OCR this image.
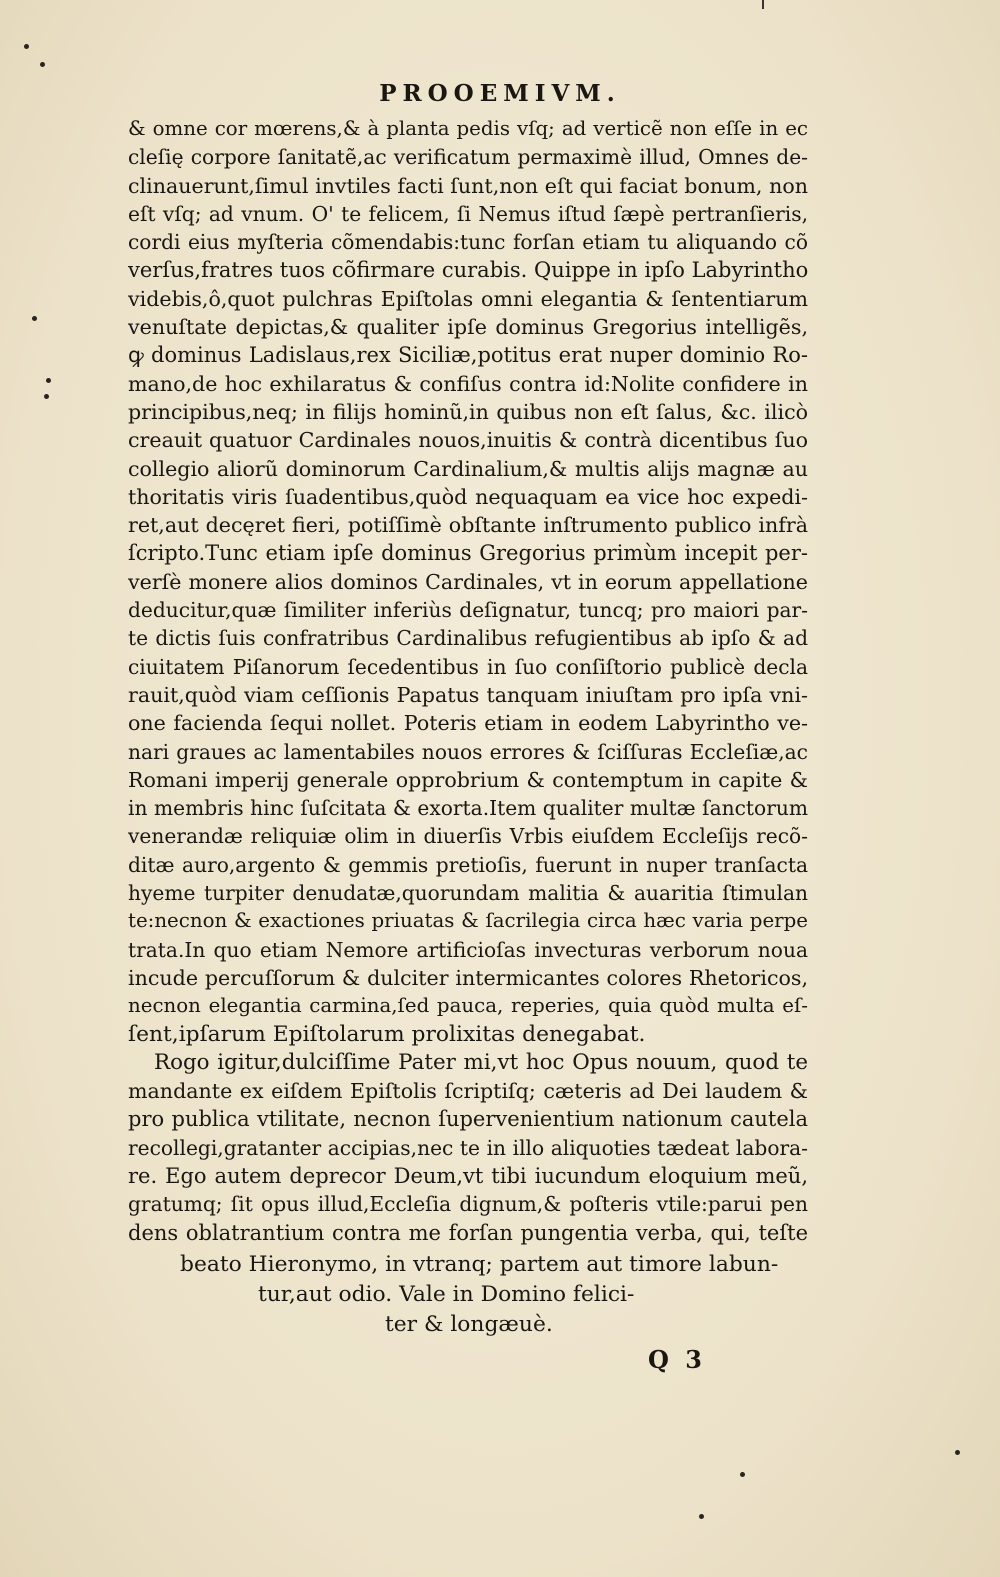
PROOEMIVM.
& omne cor mœrens,& à planta pedis vſq; ad verticẽ non eſſe in ec
cleſię corpore ſanitatẽ,ac verificatum permaximè illud, Omnes de-
clinauerunt,ſimul invtiles facti ſunt,non eſt qui faciat bonum, non
eſt vſq; ad vnum. O' te felicem, ſi Nemus iſtud ſæpè pertranſieris,
cordi eius myſteria cõmendabis:tunc forſan etiam tu aliquando cõ
verſus,fratres tuos cõfirmare curabis. Quippe in ipſo Labyrintho
videbis,ô,quot pulchras Epiſtolas omni elegantia & ſententiarum
venuſtate depictas,& qualiter ipſe dominus Gregorius intelligẽs,
ꝙ dominus Ladislaus,rex Siciliæ,potitus erat nuper dominio Ro-
mano,de hoc exhilaratus & confiſus contra id:Nolite confidere in
principibus,neq; in filijs hominũ,in quibus non eſt ſalus, &c. ilicò
creauit quatuor Cardinales nouos,inuitis & contrà dicentibus ſuo
collegio aliorũ dominorum Cardinalium,& multis alijs magnæ au
thoritatis viris ſuadentibus,quòd nequaquam ea vice hoc expedi-
ret,aut decęret fieri, potiſſimè obſtante inſtrumento publico infrà
ſcripto.Tunc etiam ipſe dominus Gregorius primùm incepit per-
verſè monere alios dominos Cardinales, vt in eorum appellatione
deducitur,quæ ſimiliter inferiùs deſignatur, tuncq; pro maiori par-
te dictis ſuis confratribus Cardinalibus refugientibus ab ipſo & ad
ciuitatem Piſanorum ſecedentibus in ſuo conſiſtorio publicè decla
rauit,quòd viam ceſſionis Papatus tanquam iniuſtam pro ipſa vni-
one facienda ſequi nollet. Poteris etiam in eodem Labyrintho ve-
nari graues ac lamentabiles nouos errores & ſciſſuras Eccleſiæ,ac
Romani imperij generale opprobrium & contemptum in capite &
in membris hinc ſuſcitata & exorta.Item qualiter multæ ſanctorum
venerandæ reliquiæ olim in diuerſis Vrbis eiuſdem Eccleſijs recõ-
ditæ auro,argento & gemmis pretioſis, fuerunt in nuper tranſacta
hyeme turpiter denudatæ,quorundam malitia & auaritia ſtimulan
te:necnon & exactiones priuatas & ſacrilegia circa hæc varia perpe
trata.In quo etiam Nemore artificioſas invecturas verborum noua
incude percuſſorum & dulciter intermicantes colores Rhetoricos,
necnon elegantia carmina,ſed pauca, reperies, quia quòd multa eſ-
ſent,ipſarum Epiſtolarum prolixitas denegabat.
Rogo igitur,dulciſſime Pater mi,vt hoc Opus nouum, quod te
mandante ex eiſdem Epiſtolis ſcriptiſq; cæteris ad Dei laudem &
pro publica vtilitate, necnon ſupervenientium nationum cautela
recollegi,gratanter accipias,nec te in illo aliquoties tædeat labora-
re. Ego autem deprecor Deum,vt tibi iucundum eloquium meũ,
gratumq; ſit opus illud,Eccleſia dignum,& poſteris vtile:parui pen
dens oblatrantium contra me forſan pungentia verba, qui, teſte
beato Hieronymo, in vtranq; partem aut timore labun-
tur,aut odio. Vale in Domino felici-
ter & longæuè.
Q 3
